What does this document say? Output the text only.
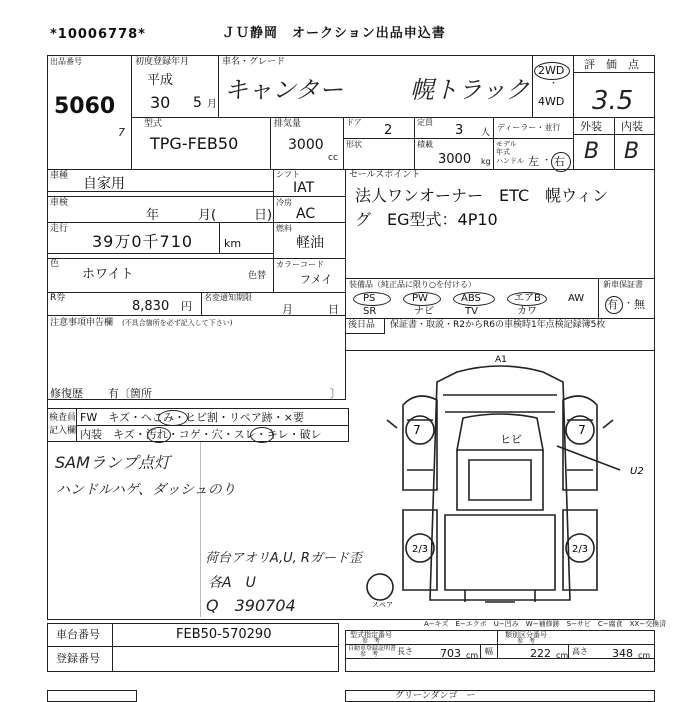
*10006778*	ＪＵ静岡　オークション出品申込書
出品番号
5060
7
初度登録年月
平成
30 5 月
車名・グレード
キャンター	幌トラック
2WD
・
4WD
評　価　点
3.5
型式
TPG-FEB50
排気量
3000
cc
ドア
2
定員
3 人
形状	積載
3000 kg
ディーラー・並行
モデル年式
ハンドル 左 ・ 右
外装 内装
B B
車種 自家用
車検
年	月(	日)
走行
39万0千710	km
色
ホワイト	色替
シフト
IAT
冷房
AC
燃料
軽油
カラーコード
フメイ
R券
8,830 円
名変通知期限
月	日
注意事項申告欄 (不具合箇所を必ず記入して下さい)
修復歴 有〔箇所	〕
検査員
記入欄
FW　キズ・へこみ・ヒビ割・リペア跡・×要
内装　キズ・汚れ・コゲ・穴・スレ・キレ・破レ
SAMランプ点灯
ハンドルハゲ、ダッシュのり
セールスポイント
法人ワンオーナー　ETC　幌ウィン
グ　EG型式：4P10
装備品（純正品に限り○を付ける）
PS	PW	ABS	エアB	AW
SR	ナビ	TV	カワ
新車保証書
有 ・ 無
後日品 保証書・取説・R2からR6の車検時1年点検記録簿5枚
A1
ヒビ
U2
7	7
2/3	2/3
スペア
荷台アオリA,U, Rガード歪
各A　U
Q　390704
A−キズ　E−エクボ　U−凹み　W−補修跡　S−サビ　C−腐食　XX−交換済
車台番号	FEB50-570290
登録番号
型式指定番号
参　考
類別区分番号
参　考
自動車登録証明書
参　考 長さ 703 cm 幅	222 cm 高さ 348 cm
グリーンダンゴ　ー
